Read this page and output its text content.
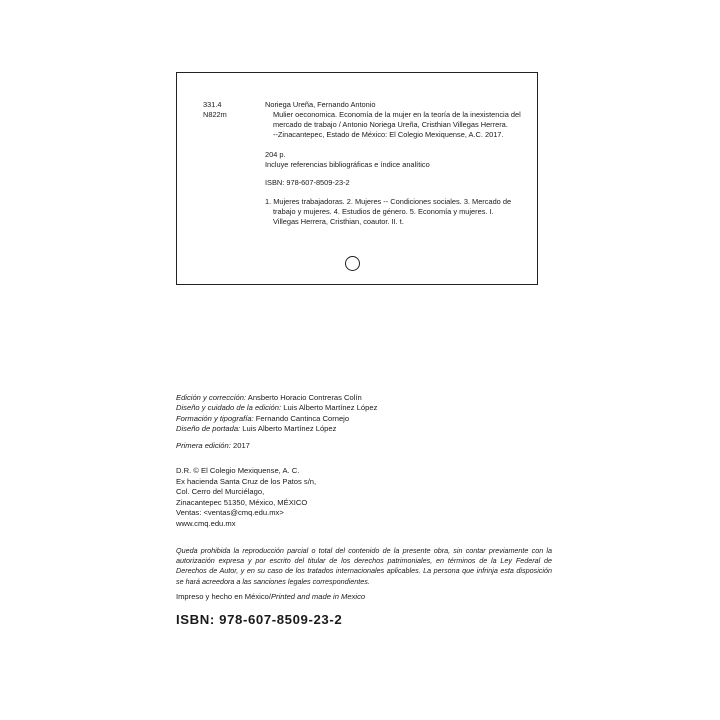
331.4
N822m
Noriega Ureña, Fernando Antonio
Mulier oeconomica. Economía de la mujer en la teoría de la inexistencia del
mercado de trabajo / Antonio Noriega Ureña, Cristhian Villegas Herrera.
--Zinacantepec, Estado de México: El Colegio Mexiquense, A.C. 2017.
204 p.
Incluye referencias bibliográficas e índice analítico
ISBN: 978-607-8509-23-2
1. Mujeres trabajadoras. 2. Mujeres -- Condiciones sociales. 3. Mercado de
trabajo y mujeres. 4. Estudios de género. 5. Economía y mujeres. I.
Villegas Herrera, Cristhian, coautor. II. t.
Edición y corrección: Ansberto Horacio Contreras Colín
Diseño y cuidado de la edición: Luis Alberto Martínez López
Formación y tipografía: Fernando Cantinca Cornejo
Diseño de portada: Luis Alberto Martínez López
Primera edición: 2017
D.R. © El Colegio Mexiquense, A. C.
Ex hacienda Santa Cruz de los Patos s/n,
Col. Cerro del Murciélago,
Zinacantepec 51350, México, MÉXICO
Ventas: <ventas@cmq.edu.mx>
www.cmq.edu.mx
Queda prohibida la reproducción parcial o total del contenido de la presente obra, sin contar previamente con la autorización expresa y por escrito del titular de los derechos patrimoniales, en términos de la Ley Federal de Derechos de Autor, y en su caso de los tratados internacionales aplicables. La persona que infrinja esta disposición se hará acreedora a las sanciones legales correspondientes.
Impreso y hecho en México/Printed and made in Mexico
ISBN: 978-607-8509-23-2
